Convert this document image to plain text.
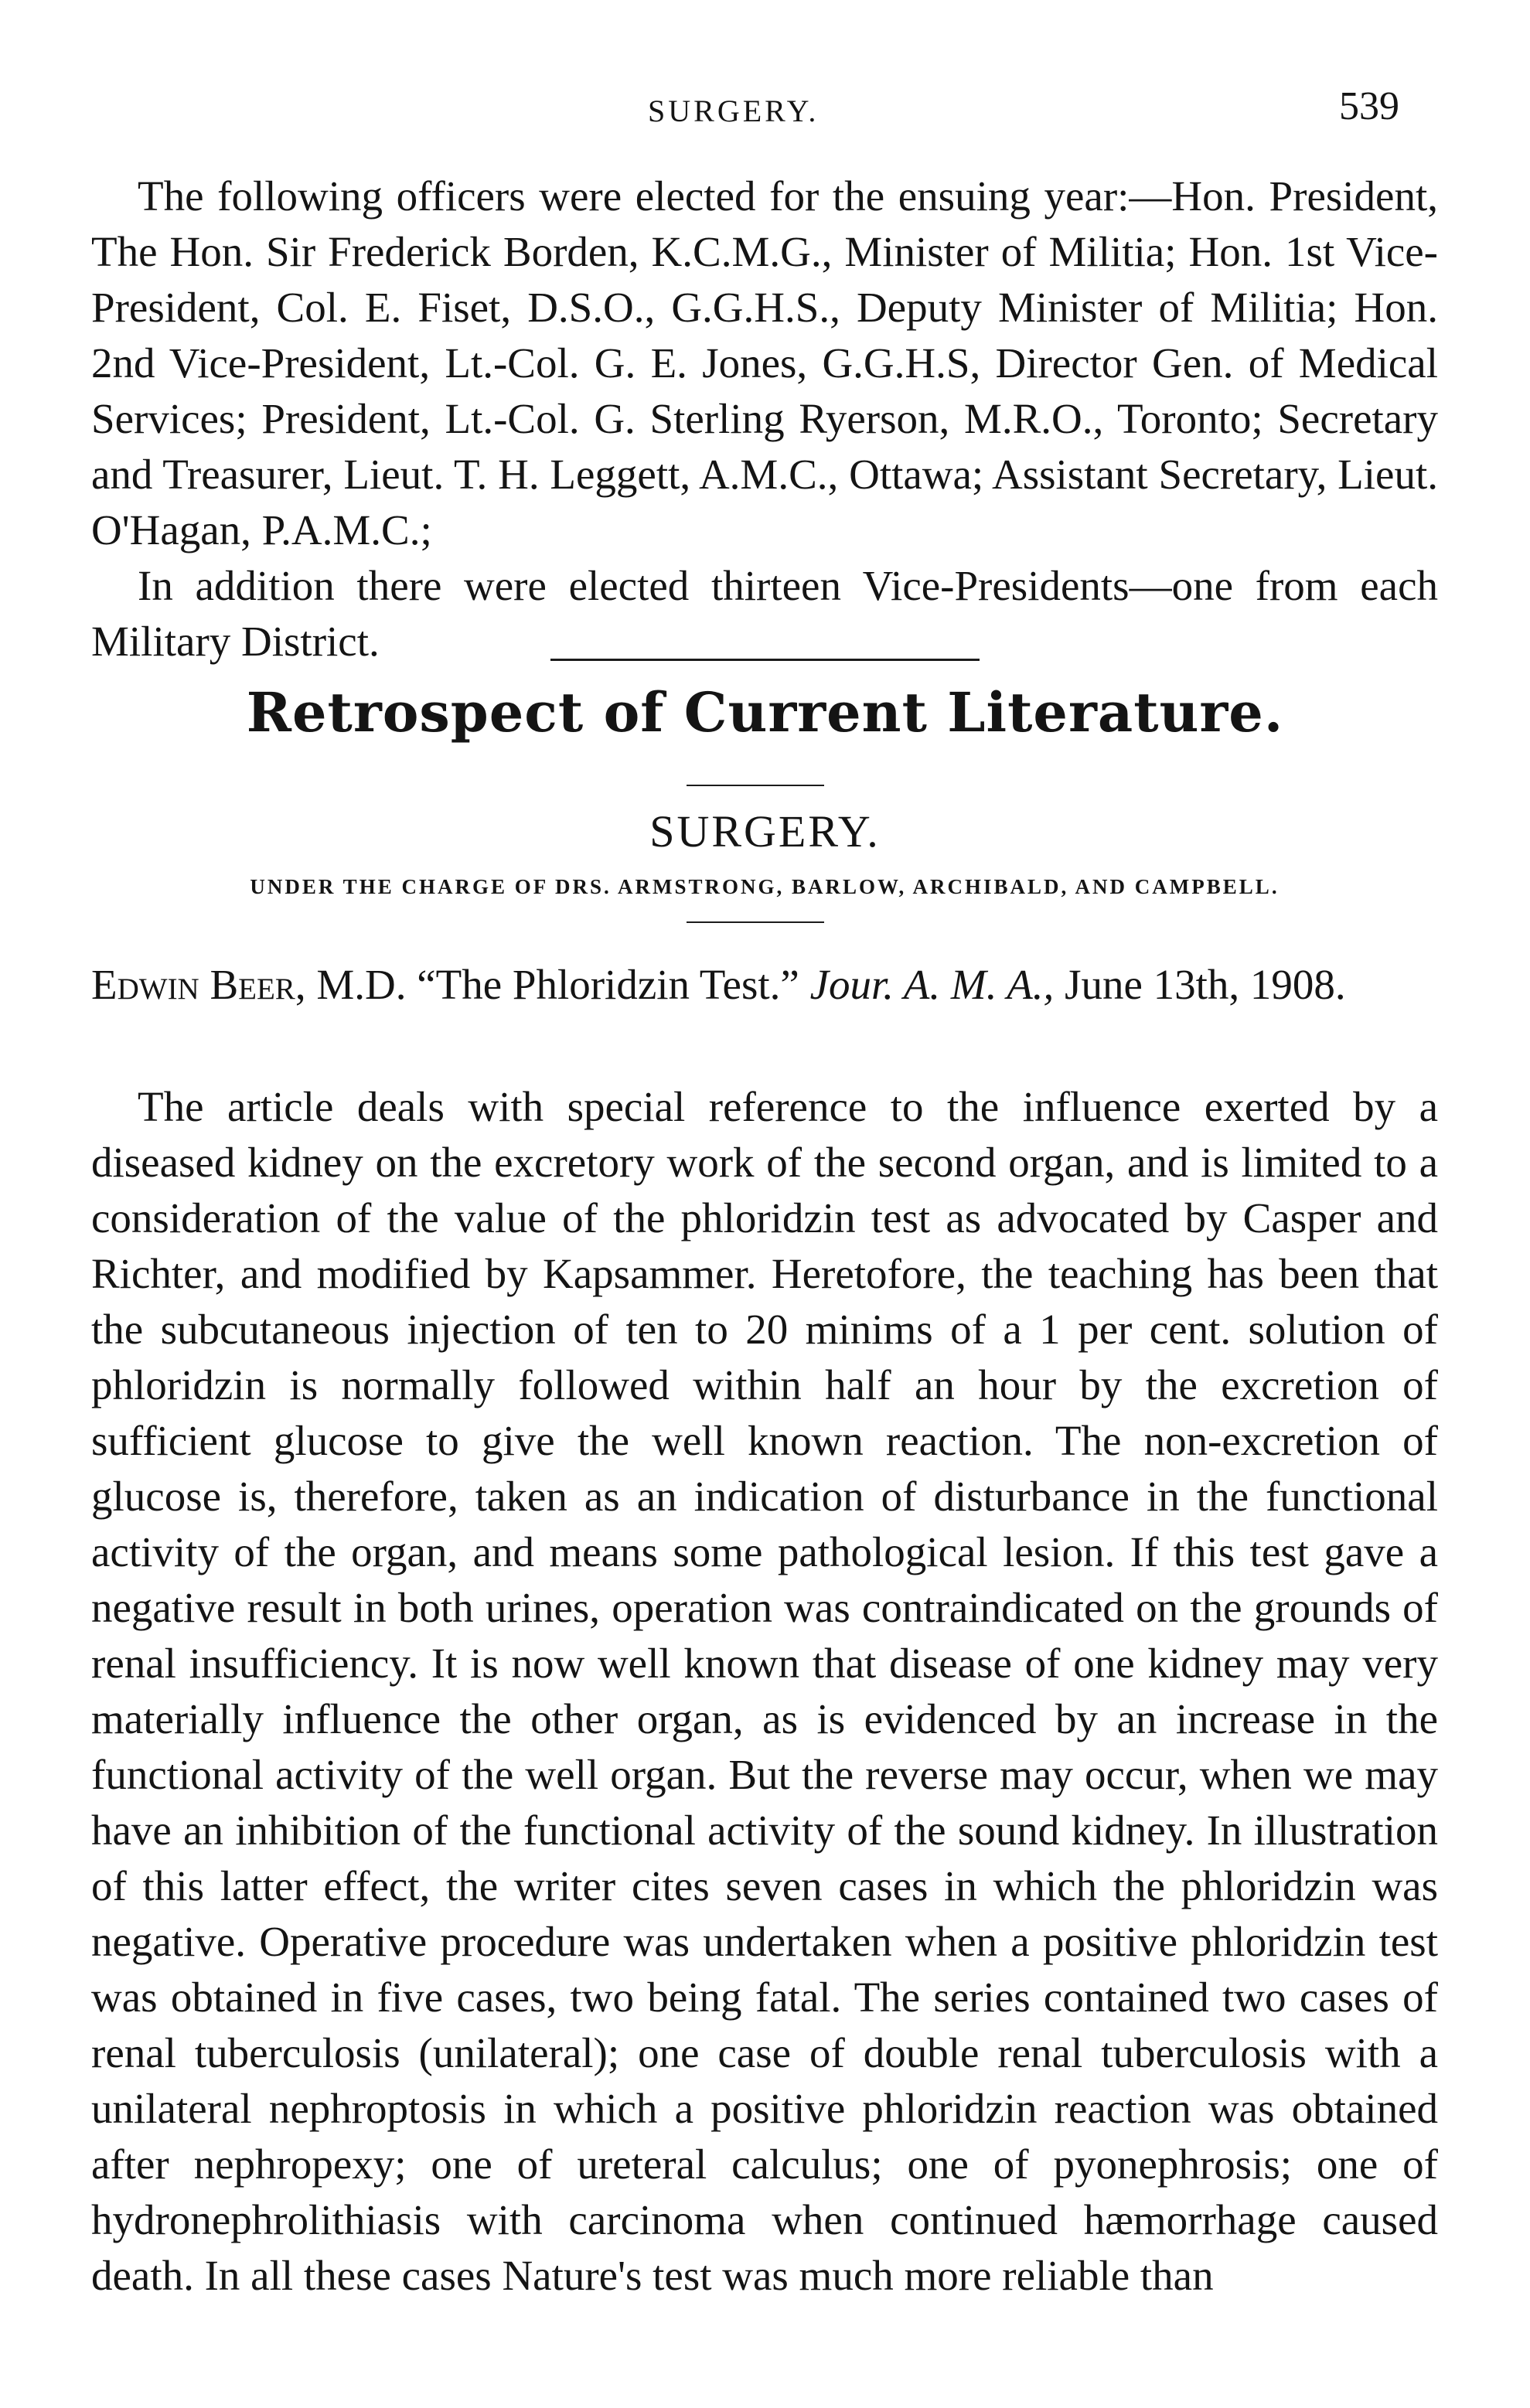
SURGERY.	539

The following officers were elected for the ensuing year:—Hon. President, The Hon. Sir Frederick Borden, K.C.M.G., Minister of Militia; Hon. 1st Vice-President, Col. E. Fiset, D.S.O., G.G.H.S., Deputy Minister of Militia; Hon. 2nd Vice-President, Lt.-Col. G. E. Jones, G.G.H.S, Director Gen. of Medical Services; President, Lt.-Col. G. Sterling Ryerson, M.R.O., Toronto; Secretary and Treasurer, Lieut. T. H. Leggett, A.M.C., Ottawa; Assistant Secretary, Lieut. O'Hagan, P.A.M.C.;

In addition there were elected thirteen Vice-Presidents—one from each Military District.

Retrospect of Current Literature.
SURGERY.
UNDER THE CHARGE OF DRS. ARMSTRONG, BARLOW, ARCHIBALD, AND CAMPBELL.
Edwin Beer, M.D. “The Phloridzin Test.” Jour. A. M. A., June 13th, 1908.

The article deals with special reference to the influence exerted by a diseased kidney on the excretory work of the second organ, and is limited to a consideration of the value of the phloridzin test as advocated by Casper and Richter, and modified by Kapsammer. Heretofore, the teaching has been that the subcutaneous injection of ten to 20 minims of a 1 per cent. solution of phloridzin is normally followed within half an hour by the excretion of sufficient glucose to give the well known reaction. The non-excretion of glucose is, therefore, taken as an indication of disturbance in the functional activity of the organ, and means some pathological lesion. If this test gave a negative result in both urines, operation was contraindicated on the grounds of renal insufficiency. It is now well known that disease of one kidney may very materially influence the other organ, as is evidenced by an increase in the functional activity of the well organ. But the reverse may occur, when we may have an inhibition of the functional activity of the sound kidney. In illustration of this latter effect, the writer cites seven cases in which the phloridzin was negative. Operative procedure was undertaken when a positive phloridzin test was obtained in five cases, two being fatal. The series contained two cases of renal tuberculosis (unilateral); one case of double renal tuberculosis with a unilateral nephroptosis in which a positive phloridzin reaction was obtained after nephropexy; one of ureteral calculus; one of pyonephrosis; one of hydronephrolithiasis with carcinoma when continued hæmorrhage caused death. In all these cases Nature's test was much more reliable than
